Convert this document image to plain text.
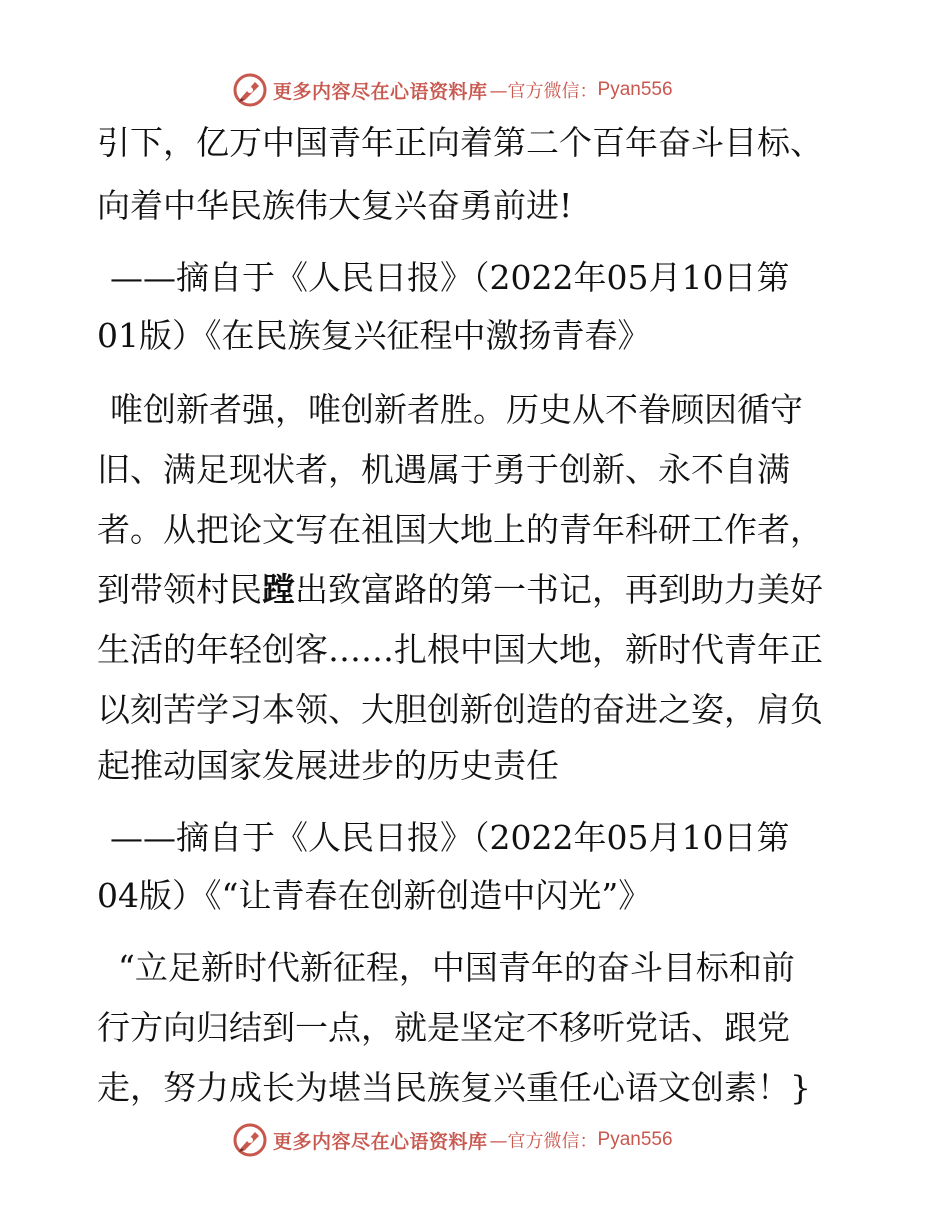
更多内容尽在心语资料库 —官方微信： Pyan556
引下，亿万中国青年正向着第二个百年奋斗目标、
向着中华民族伟大复兴奋勇前进!
——摘自于《人民日报》（2022年05月10日第
01版）《在民族复兴征程中激扬青春》
唯创新者强，唯创新者胜。历史从不眷顾因循守
旧、满足现状者，机遇属于勇于创新、永不自满
者。从把论文写在祖国大地上的青年科研工作者，
到带领村民蹚出致富路的第一书记，再到助力美好
生活的年轻创客……扎根中国大地，新时代青年正
以刻苦学习本领、大胆创新创造的奋进之姿，肩负
起推动国家发展进步的历史责任
——摘自于《人民日报》（2022年05月10日第
04版）《“让青春在创新创造中闪光”》
“立足新时代新征程，中国青年的奋斗目标和前
行方向归结到一点，就是坚定不移听党话、跟党
走，努力成长为堪当民族复兴重任心语文创素！}
更多内容尽在心语资料库 —官方微信： Pyan556
